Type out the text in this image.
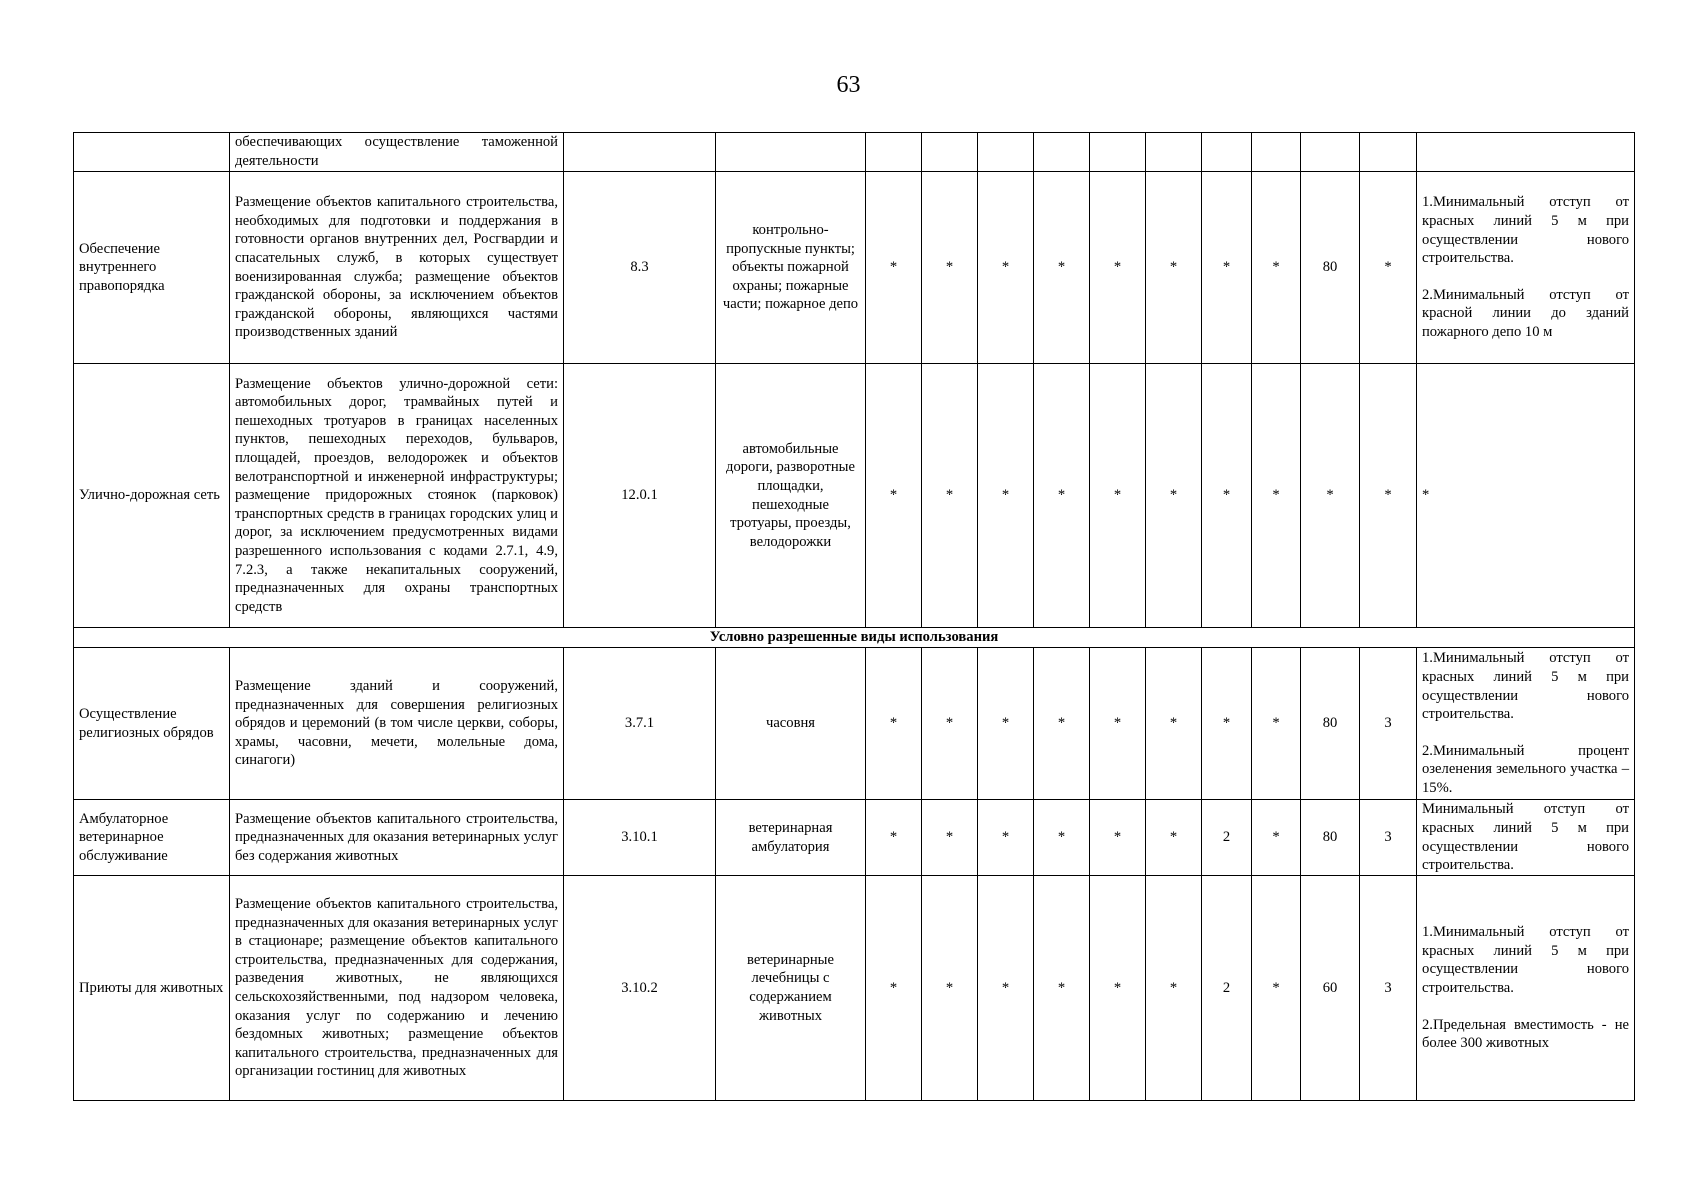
63
	обеспечивающих осуществление таможенной деятельности													
Обеспечение внутреннего правопорядка	Размещение объектов капитального строительства, необходимых для подготовки и поддержания в готовности органов внутренних дел, Росгвардии и спасательных служб, в которых существует военизированная служба; размещение объектов гражданской обороны, за исключением объектов гражданской обороны, являющихся частями производственных зданий	8.3	контрольно-пропускные пункты; объекты пожарной охраны; пожарные части; пожарное депо	*	*	*	*	*	*	*	*	80	*	1.Минимальный отступ от красных линий 5 м при осуществлении нового строительства.
2.Минимальный отступ от красной линии до зданий пожарного депо 10 м

Улично-дорожная сеть	Размещение объектов улично-дорожной сети: автомобильных дорог, трамвайных путей и пешеходных тротуаров в границах населенных пунктов, пешеходных переходов, бульваров, площадей, проездов, велодорожек и объектов велотранспортной и инженерной инфраструктуры; размещение придорожных стоянок (парковок) транспортных средств в границах городских улиц и дорог, за исключением предусмотренных видами разрешенного использования с кодами 2.7.1, 4.9, 7.2.3, а также некапитальных сооружений, предназначенных для охраны транспортных средств	12.0.1	автомобильные дороги, разворотные площадки, пешеходные тротуары, проезды, велодорожки	*	*	*	*	*	*	*	*	*	*	*

Условно разрешенные виды использования														
Осуществление религиозных обрядов	Размещение зданий и сооружений, предназначенных для совершения религиозных обрядов и церемоний (в том числе церкви, соборы, храмы, часовни, мечети, молельные дома, синагоги)	3.7.1	часовня	*	*	*	*	*	*	*	*	80	3	1.Минимальный отступ от красных линий 5 м при осуществлении нового строительства.
2.Минимальный процент озеленения земельного участка – 15%.

Амбулаторное ветеринарное обслуживание	Размещение объектов капитального строительства, предназначенных для оказания ветеринарных услуг без содержания животных	3.10.1	ветеринарная амбулатория	*	*	*	*	*	*	2	*	80	3	Минимальный отступ от красных линий 5 м при осуществлении нового строительства.

Приюты для животных	Размещение объектов капитального строительства, предназначенных для оказания ветеринарных услуг в стационаре; размещение объектов капитального строительства, предназначенных для содержания, разведения животных, не являющихся сельскохозяйственными, под надзором человека, оказания услуг по содержанию и лечению бездомных животных; размещение объектов капитального строительства, предназначенных для организации гостиниц для животных	3.10.2	ветеринарные лечебницы с содержанием животных	*	*	*	*	*	*	2	*	60	3	1.Минимальный отступ от красных линий 5 м при осуществлении нового строительства.
2.Предельная вместимость - не более 300 животных
